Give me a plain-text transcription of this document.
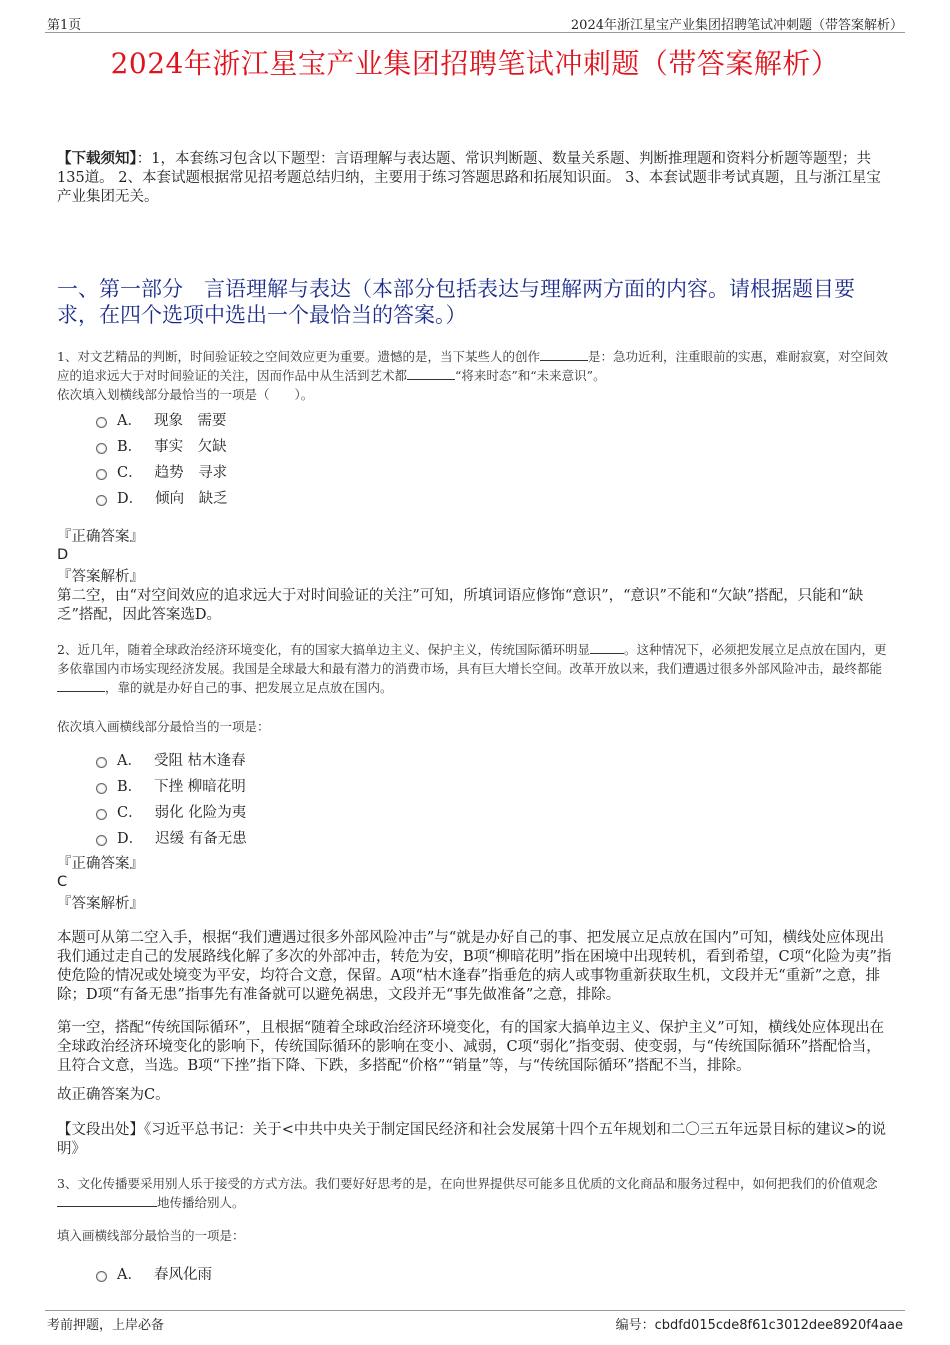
第1页	2024年浙江星宝产业集团招聘笔试冲刺题（带答案解析）
2024年浙江星宝产业集团招聘笔试冲刺题（带答案解析）
【下载须知】：1，本套练习包含以下题型：言语理解与表达题、常识判断题、数量关系题、判断推理题和资料分析题等题型；共135道。 2、本套试题根据常见招考题总结归纳，主要用于练习答题思路和拓展知识面。 3、本套试题非考试真题，且与浙江星宝产业集团无关。
一、第一部分　言语理解与表达（本部分包括表达与理解两方面的内容。请根据题目要求，在四个选项中选出一个最恰当的答案。）
1、对文艺精品的判断，时间验证较之空间效应更为重要。遗憾的是，当下某些人的创作	是：急功近利，注重眼前的实惠，难耐寂寞，对空间效应的追求远大于对时间验证的关注，因而作品中从生活到艺术都	“将来时态”和“未来意识”。
依次填入划横线部分最恰当的一项是（　　）。
A． 现象　需要
B． 事实　欠缺
C． 趋势　寻求
D． 倾向　缺乏
『正确答案』
D
『答案解析』
第二空，由“对空间效应的追求远大于对时间验证的关注”可知，所填词语应修饰“意识”，“意识”不能和“欠缺”搭配，只能和“缺乏”搭配，因此答案选D。
2、近几年，随着全球政治经济环境变化，有的国家大搞单边主义、保护主义，传统国际循环明显	。这种情况下，必须把发展立足点放在国内，更多依靠国内市场实现经济发展。我国是全球最大和最有潜力的消费市场，具有巨大增长空间。改革开放以来，我们遭遇过很多外部风险冲击，最终都能，靠的就是办好自己的事、把发展立足点放在国内。
依次填入画横线部分最恰当的一项是：
A． 受阻 枯木逢春
B． 下挫 柳暗花明
C． 弱化 化险为夷
D． 迟缓 有备无患
『正确答案』
C
『答案解析』
本题可从第二空入手，根据“我们遭遇过很多外部风险冲击”与“就是办好自己的事、把发展立足点放在国内”可知，横线处应体现出我们通过走自己的发展路线化解了多次的外部冲击，转危为安，B项“柳暗花明”指在困境中出现转机，看到希望，C项“化险为夷”指使危险的情况或处境变为平安，均符合文意，保留。A项“枯木逢春”指垂危的病人或事物重新获取生机，文段并无“重新”之意，排除；D项“有备无患”指事先有准备就可以避免祸患，文段并无“事先做准备”之意，排除。
第一空，搭配“传统国际循环”，且根据“随着全球政治经济环境变化，有的国家大搞单边主义、保护主义”可知，横线处应体现出在全球政治经济环境变化的影响下，传统国际循环的影响在变小、减弱，C项“弱化”指变弱、使变弱，与“传统国际循环”搭配恰当，且符合文意，当选。B项“下挫”指下降、下跌，多搭配“价格”“销量”等，与“传统国际循环”搭配不当，排除。
故正确答案为C。
【文段出处】《习近平总书记：关于<中共中央关于制定国民经济和社会发展第十四个五年规划和二〇三五年远景目标的建议>的说明》
3、文化传播要采用别人乐于接受的方式方法。我们要好好思考的是，在向世界提供尽可能多且优质的文化商品和服务过程中，如何把我们的价值观念地传播给别人。
填入画横线部分最恰当的一项是：
A． 春风化雨
考前押题，上岸必备	编号：cbdfd015cde8f61c3012dee8920f4aae
